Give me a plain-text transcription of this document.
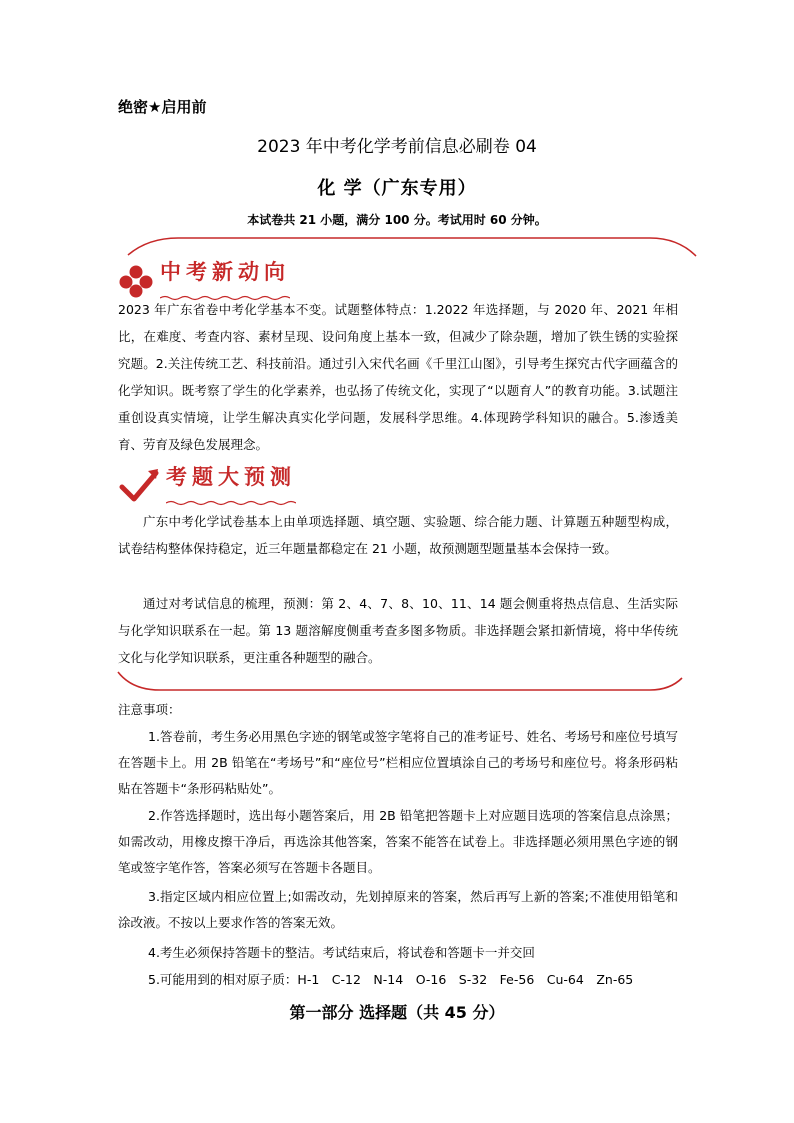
绝密★启用前
2023 年中考化学考前信息必刷卷 04
化 学（广东专用）
本试卷共 21 小题，满分 100 分。考试用时 60 分钟。
中考新动向
2023 年广东省卷中考化学基本不变。试题整体特点：1.2022 年选择题，与 2020 年、2021 年相比，在难度、考查内容、素材呈现、设问角度上基本一致，但减少了除杂题，增加了铁生锈的实验探究题。2.关注传统工艺、科技前沿。通过引入宋代名画《千里江山图》，引导考生探究古代字画蕴含的化学知识。既考察了学生的化学素养，也弘扬了传统文化，实现了“以题育人”的教育功能。3.试题注重创设真实情境，让学生解决真实化学问题，发展科学思维。4.体现跨学科知识的融合。5.渗透美育、劳育及绿色发展理念。
考题大预测
广东中考化学试卷基本上由单项选择题、填空题、实验题、综合能力题、计算题五种题型构成，试卷结构整体保持稳定，近三年题量都稳定在 21 小题，故预测题型题量基本会保持一致。
通过对考试信息的梳理，预测：第 2、4、7、8、10、11、14 题会侧重将热点信息、生活实际与化学知识联系在一起。第 13 题溶解度侧重考查多图多物质。非选择题会紧扣新情境，将中华传统文化与化学知识联系，更注重各种题型的融合。
注意事项：
1.答卷前，考生务必用黑色字迹的钢笔或签字笔将自己的准考证号、姓名、考场号和座位号填写在答题卡上。用 2B 铅笔在“考场号”和“座位号”栏相应位置填涂自己的考场号和座位号。将条形码粘贴在答题卡“条形码粘贴处”。
2.作答选择题时，选出每小题答案后，用 2B 铅笔把答题卡上对应题目选项的答案信息点涂黑；如需改动，用橡皮擦干净后，再选涂其他答案，答案不能答在试卷上。非选择题必须用黑色字迹的钢笔或签字笔作答，答案必须写在答题卡各题目。
3.指定区域内相应位置上;如需改动，先划掉原来的答案，然后再写上新的答案;不准使用铅笔和涂改液。不按以上要求作答的答案无效。
4.考生必须保持答题卡的整洁。考试结束后，将试卷和答题卡一并交回
5.可能用到的相对原子质：H-1　C-12　N-14　O-16　S-32　Fe-56　Cu-64　Zn-65
第一部分 选择题（共 45 分）
